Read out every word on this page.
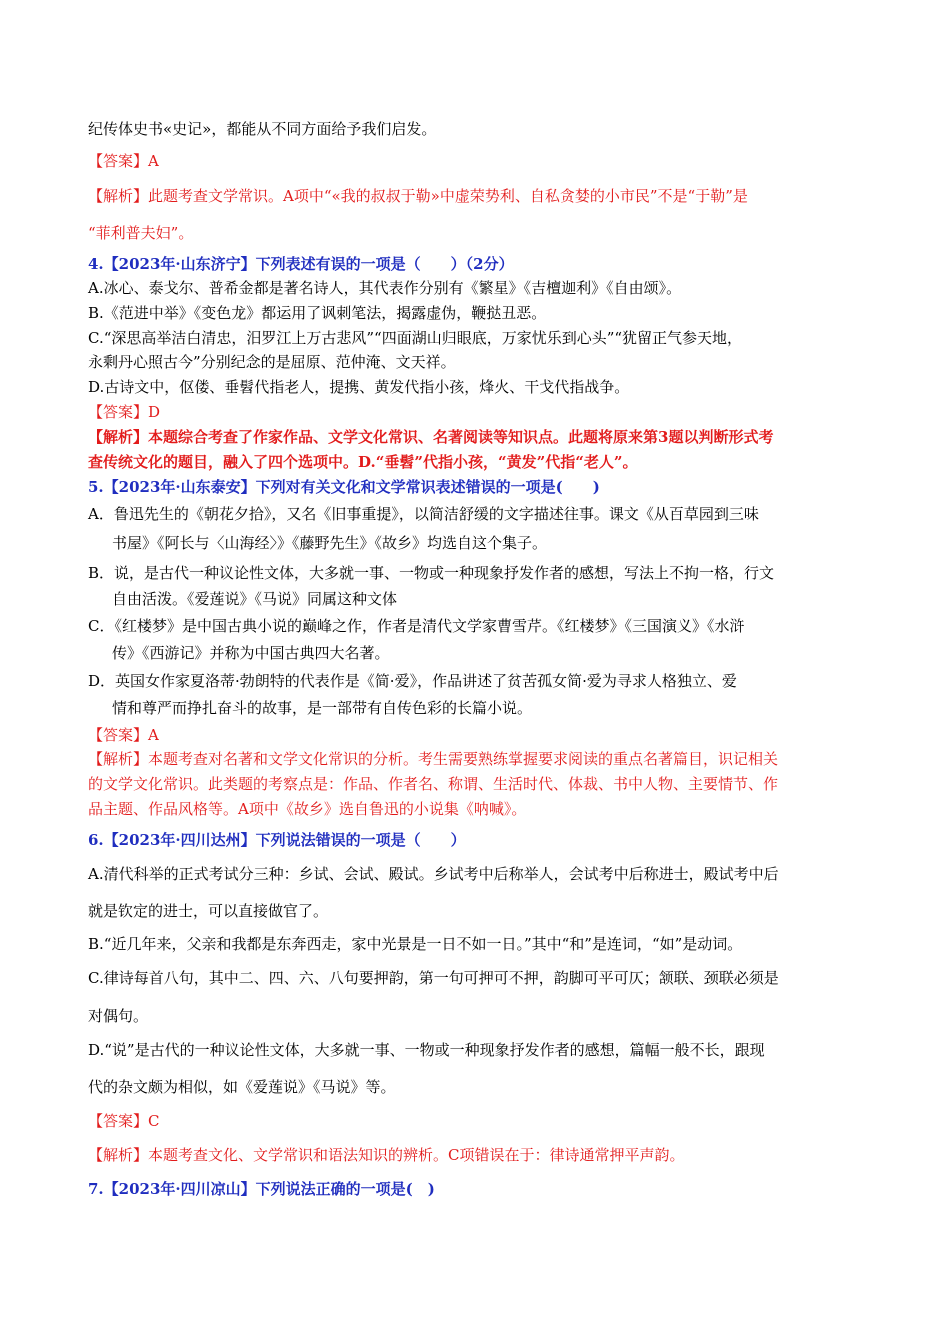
纪传体史书«史记»，都能从不同方面给予我们启发。
【答案】A
【解析】此题考查文学常识。A项中“«我的叔叔于勒»中虚荣势利、自私贪婪的小市民”不是“于勒”是
“菲利普夫妇”。
4.【2023年·山东济宁】下列表述有误的一项是（　　）（2分）
A.冰心、泰戈尔、普希金都是著名诗人，其代表作分别有《繁星》《吉檀迦利》《自由颂》。
B.《范进中举》《变色龙》都运用了讽刺笔法，揭露虚伪，鞭挞丑恶。
C.“深思高举洁白清忠，汨罗江上万古悲风”“四面湖山归眼底，万家忧乐到心头”“犹留正气参天地，
永剩丹心照古今”分别纪念的是屈原、范仲淹、文天祥。
D.古诗文中，伛偻、垂髫代指老人，提携、黄发代指小孩，烽火、干戈代指战争。
【答案】D
【解析】本题综合考查了作家作品、文学文化常识、名著阅读等知识点。此题将原来第3题以判断形式考
查传统文化的题目，融入了四个选项中。D.“垂髫”代指小孩，“黄发”代指“老人”。
5.【2023年·山东泰安】下列对有关文化和文学常识表述错误的一项是(　　)
A．鲁迅先生的《朝花夕拾》，又名《旧事重提》，以简洁舒缓的文字描述往事。课文《从百草园到三味
书屋》《阿长与〈山海经〉》《藤野先生》《故乡》均选自这个集子。
B．说，是古代一种议论性文体，大多就一事、一物或一种现象抒发作者的感想，写法上不拘一格，行文
自由活泼。《爱莲说》《马说》同属这种文体
C．《红楼梦》是中国古典小说的巅峰之作，作者是清代文学家曹雪芹。《红楼梦》《三国演义》《水浒
传》《西游记》并称为中国古典四大名著。
D．英国女作家夏洛蒂·勃朗特的代表作是《简·爱》，作品讲述了贫苦孤女简·爱为寻求人格独立、爱
情和尊严而挣扎奋斗的故事，是一部带有自传色彩的长篇小说。
【答案】A
【解析】本题考查对名著和文学文化常识的分析。考生需要熟练掌握要求阅读的重点名著篇目，识记相关
的文学文化常识。此类题的考察点是：作品、作者名、称谓、生活时代、体裁、书中人物、主要情节、作
品主题、作品风格等。A项中《故乡》选自鲁迅的小说集《呐喊》。
6.【2023年·四川达州】下列说法错误的一项是（　　）
A.清代科举的正式考试分三种：乡试、会试、殿试。乡试考中后称举人，会试考中后称进士，殿试考中后
就是钦定的进士，可以直接做官了。
B.“近几年来，父亲和我都是东奔西走，家中光景是一日不如一日。”其中“和”是连词，“如”是动词。
C.律诗每首八句，其中二、四、六、八句要押韵，第一句可押可不押，韵脚可平可仄；颔联、颈联必须是
对偶句。
D.“说”是古代的一种议论性文体，大多就一事、一物或一种现象抒发作者的感想，篇幅一般不长，跟现
代的杂文颇为相似，如《爱莲说》《马说》等。
【答案】C
【解析】本题考查文化、文学常识和语法知识的辨析。C项错误在于：律诗通常押平声韵。
7.【2023年·四川凉山】下列说法正确的一项是(　)
